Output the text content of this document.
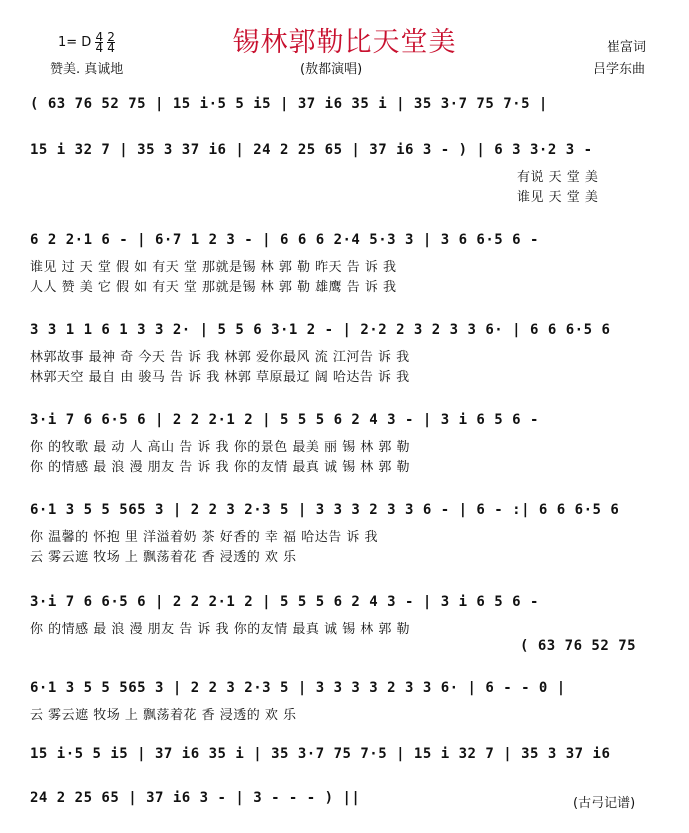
锡林郭勒比天堂美
1= D $\frac{4}{4}$
$\frac{2}{4}$
赞美. 真诚地	(敖都演唱)
崔富词
吕学东曲
( 63 76 52 75 | 15 i·5 5 i5 | 37 i6 35 i | 35 3·7 75 7·5 |
15 i 32 7 | 35 3 37 i6 | 24 2 25 65 | 37 i6 3 - ) | 6 3 3·2 3 -
有说 天 堂 美
谁见 天 堂 美
6 2 2·1 6 - | 6·7 1 2 3 - | 6 6 6 2·4 5·3 3 | 3 6 6·5 6 -
谁见 过 天 堂 假 如 有天 堂 那就是锡 林 郭 勒 昨天 告 诉 我
人人 赞 美 它 假 如 有天 堂 那就是锡 林 郭 勒 雄鹰 告 诉 我
3 3 1 1 6 1 3 3 2· | 5 5 6 3·1 2 - | 2·2 2 3 2 3 3 6· | 6 6 6·5 6
林郭故事 最神 奇 今天 告 诉 我 林郭 爱你最风 流 江河告 诉 我
林郭天空 最自 由 骏马 告 诉 我 林郭 草原最辽 阔 哈达告 诉 我
3·i 7 6 6·5 6 | 2 2 2·1 2 | 5 5 5 6 2 4 3 - | 3 i 6 5 6 -
你 的牧歌 最 动 人 高山 告 诉 我 你的景色 最美 丽 锡 林 郭 勒
你 的情感 最 浪 漫 朋友 告 诉 我 你的友情 最真 诚 锡 林 郭 勒
6·1 3 5 5 565 3 | 2 2 3 2·3 5 | 3 3 3 2 3 3 6 - | 6 - :| 6 6 6·5 6
你 温馨的 怀抱 里 洋溢着奶 茶 好香的 幸 福 哈达告 诉 我
云 雾云遮 牧场 上 飘荡着花 香 浸透的 欢 乐
3·i 7 6 6·5 6 | 2 2 2·1 2 | 5 5 5 6 2 4 3 - | 3 i 6 5 6 -
你 的情感 最 浪 漫 朋友 告 诉 我 你的友情 最真 诚 锡 林 郭 勒
( 63 76 52 75
6·1 3 5 5 565 3 | 2 2 3 2·3 5 | 3 3 3 3 2 3 3 6· | 6 - - 0 |
云 雾云遮 牧场 上 飘荡着花 香 浸透的 欢 乐
15 i·5 5 i5 | 37 i6 35 i | 35 3·7 75 7·5 | 15 i 32 7 | 35 3 37 i6
24 2 25 65 | 37 i6 3 - | 3 - - - ) ||	(古弓记谱)
